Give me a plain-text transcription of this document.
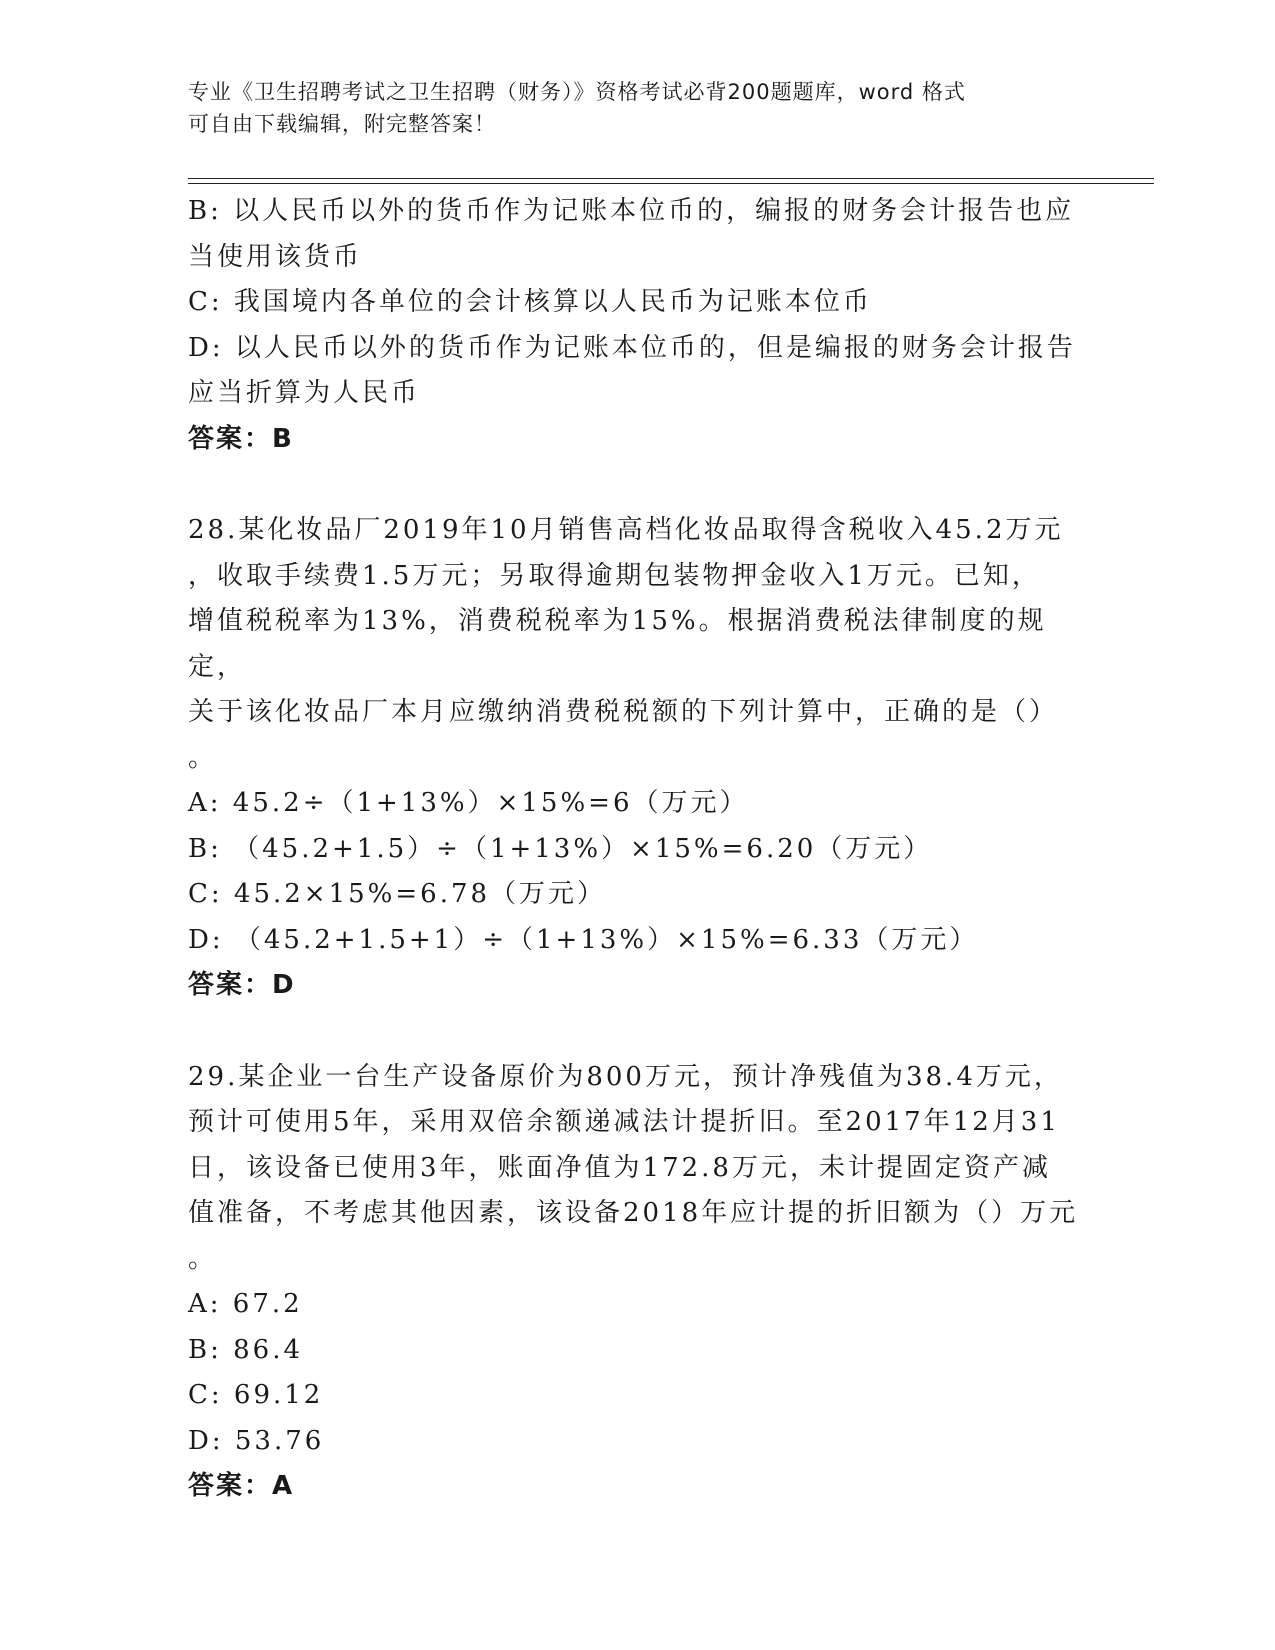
专业《卫生招聘考试之卫生招聘（财务）》资格考试必背200题题库，word 格式
可自由下载编辑，附完整答案！

B: 以人民币以外的货币作为记账本位币的，编报的财务会计报告也应

当使用该货币

C: 我国境内各单位的会计核算以人民币为记账本位币

D: 以人民币以外的货币作为记账本位币的，但是编报的财务会计报告

应当折算为人民币

答案：B

28.某化妆品厂2019年10月销售高档化妆品取得含税收入45.2万元

，收取手续费1.5万元；另取得逾期包装物押金收入1万元。已知，

增值税税率为13%，消费税税率为15%。根据消费税法律制度的规定，

关于该化妆品厂本月应缴纳消费税税额的下列计算中，正确的是（）

。

A: 45.2÷（1+13%）×15%=6（万元）

B: （45.2+1.5）÷（1+13%）×15%=6.20（万元）

C: 45.2×15%=6.78（万元）

D: （45.2+1.5+1）÷（1+13%）×15%=6.33（万元）

答案：D

29.某企业一台生产设备原价为800万元，预计净残值为38.4万元，

预计可使用5年，采用双倍余额递减法计提折旧。至2017年12月31

日，该设备已使用3年，账面净值为172.8万元，未计提固定资产减

值准备，不考虑其他因素，该设备2018年应计提的折旧额为（）万元

。

A: 67.2

B: 86.4

C: 69.12

D: 53.76

答案：A
